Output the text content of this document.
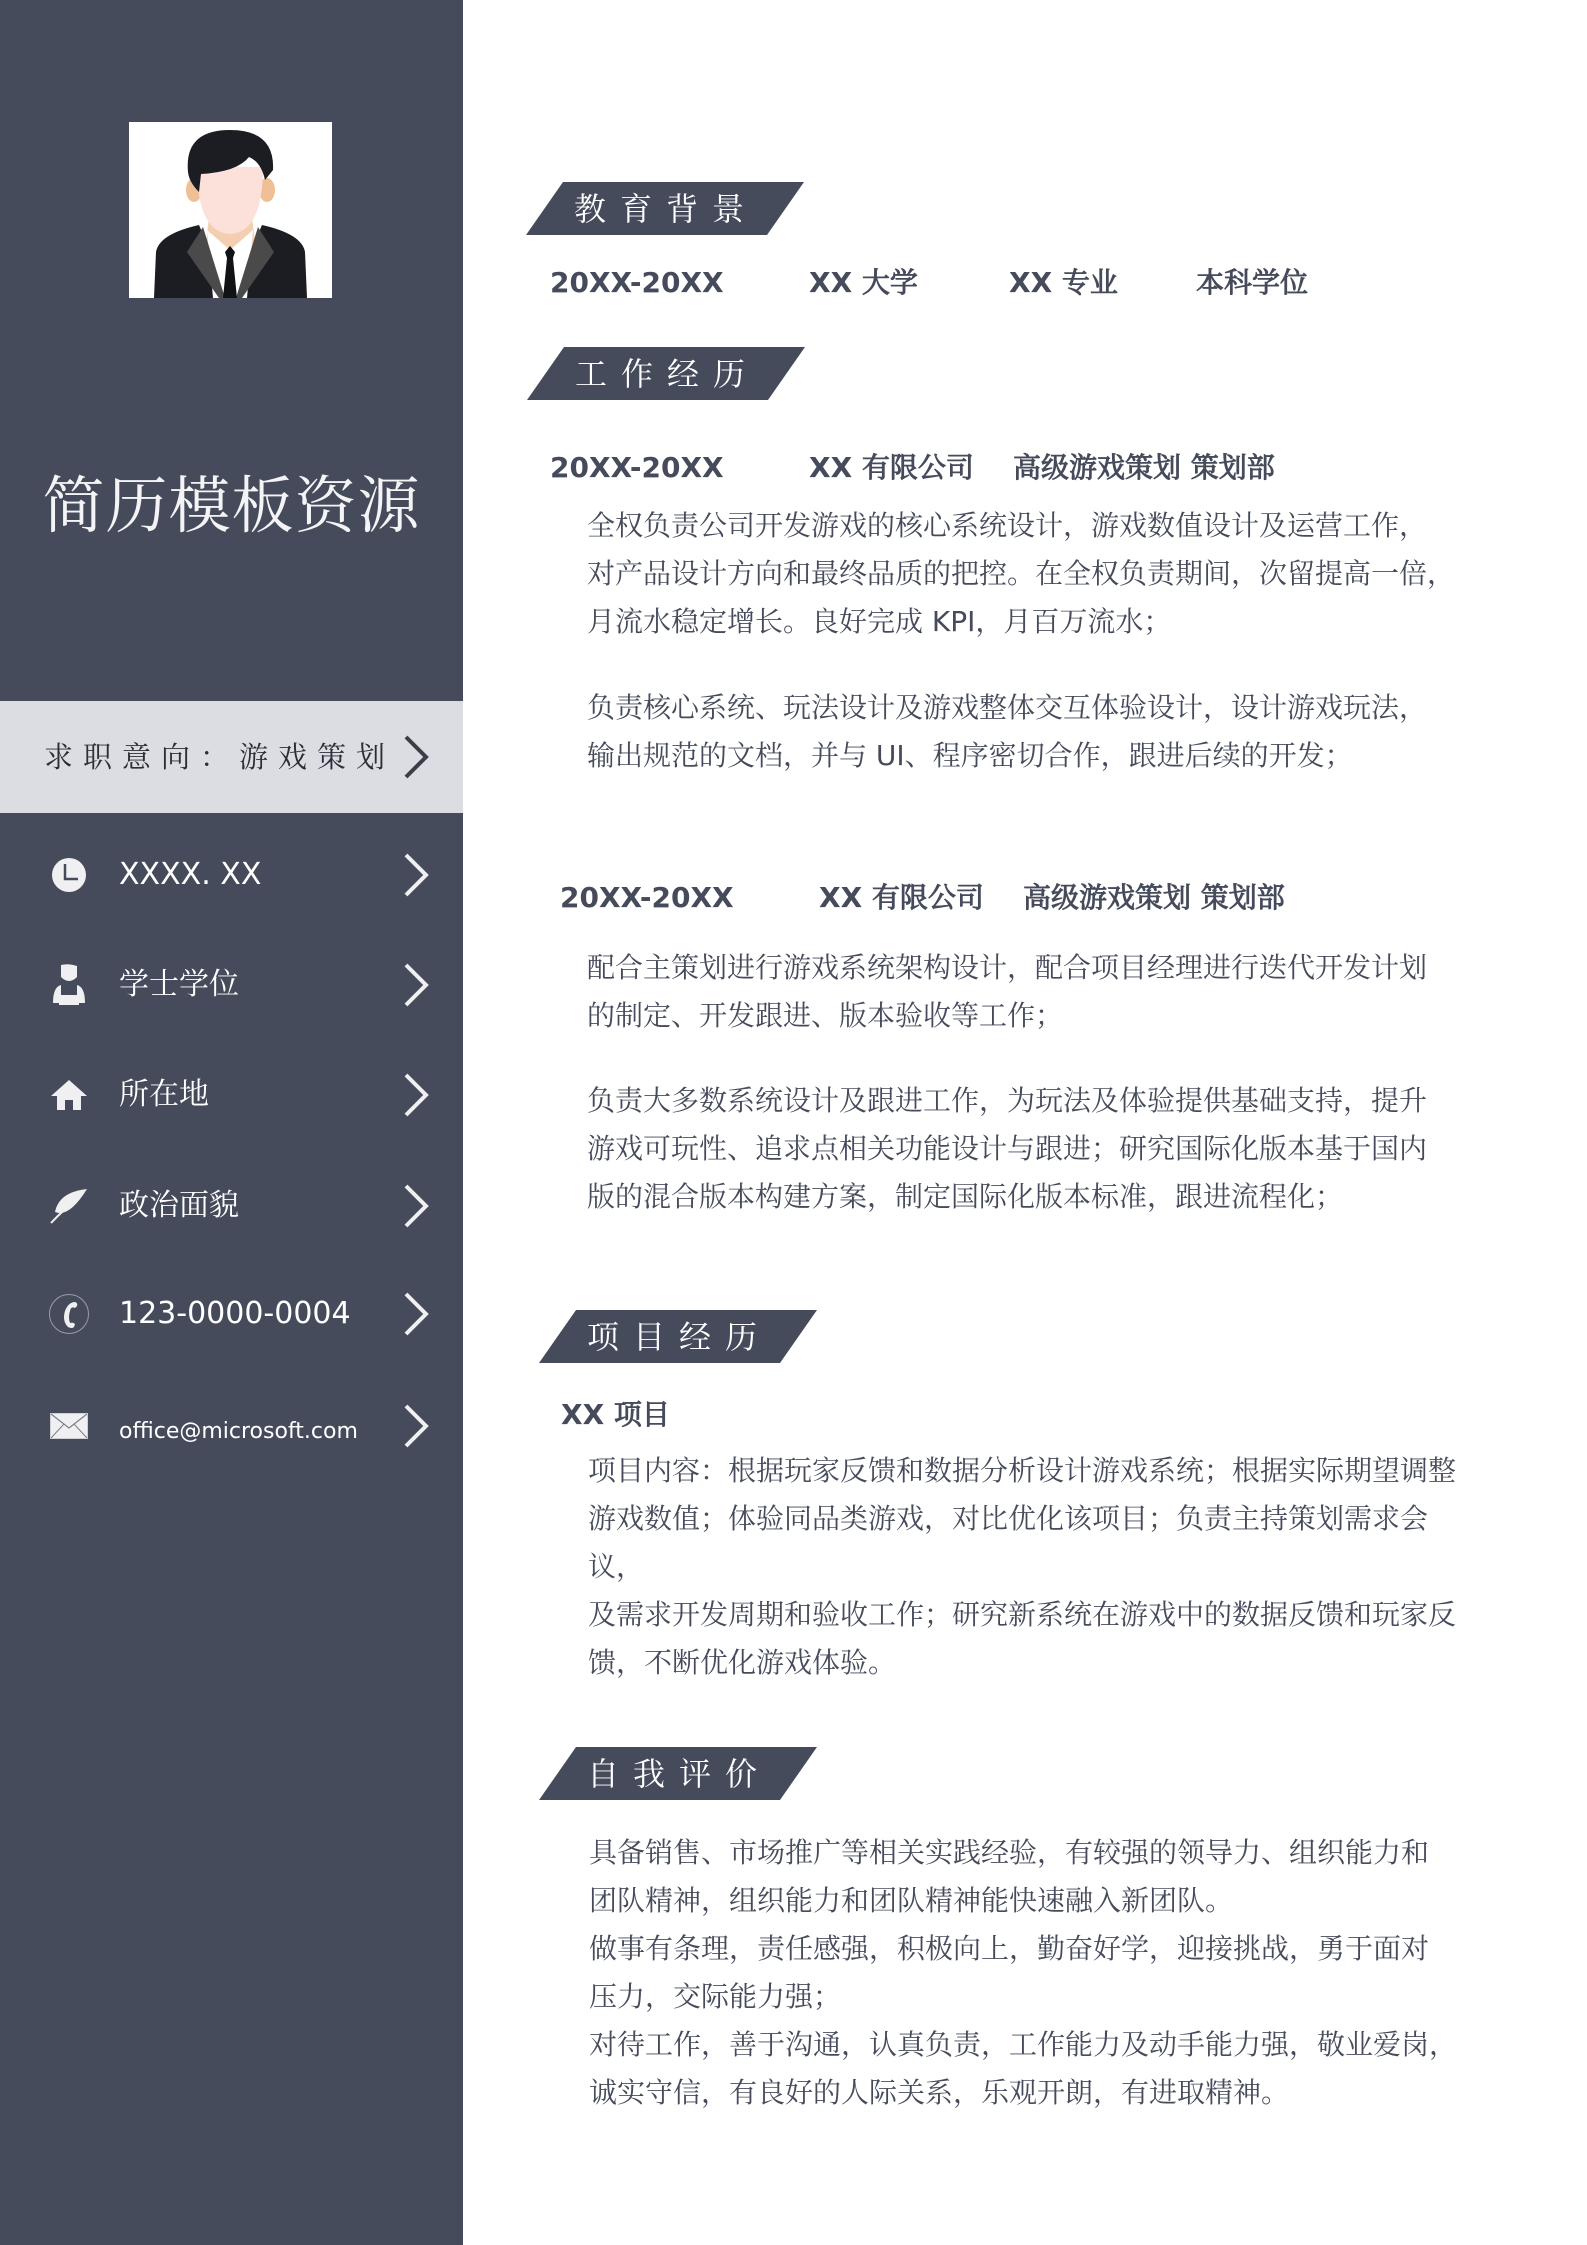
简历模板资源
求职意向：游戏策划
XXXX. XX
学士学位
所在地
政治面貌
123-0000-0004
office@microsoft.com
教育背景
20XX-20XX	XX 大学	XX 专业	本科学位
工作经历
20XX-20XX	XX 有限公司 高级游戏策划 策划部

全权负责公司开发游戏的核心系统设计，游戏数值设计及运营工作，

对产品设计方向和最终品质的把控。在全权负责期间，次留提高一倍，

月流水稳定增长。良好完成 KPI，月百万流水；

负责核心系统、玩法设计及游戏整体交互体验设计，设计游戏玩法，

输出规范的文档，并与 UI、程序密切合作，跟进后续的开发；

20XX-20XX	XX 有限公司 高级游戏策划 策划部

配合主策划进行游戏系统架构设计，配合项目经理进行迭代开发计划

的制定、开发跟进、版本验收等工作；

负责大多数系统设计及跟进工作，为玩法及体验提供基础支持，提升

游戏可玩性、追求点相关功能设计与跟进；研究国际化版本基于国内

版的混合版本构建方案，制定国际化版本标准，跟进流程化；

项目经历
XX 项目

项目内容：根据玩家反馈和数据分析设计游戏系统；根据实际期望调整

游戏数值；体验同品类游戏，对比优化该项目；负责主持策划需求会议，

及需求开发周期和验收工作；研究新系统在游戏中的数据反馈和玩家反

馈，不断优化游戏体验。

自我评价

具备销售、市场推广等相关实践经验，有较强的领导力、组织能力和

团队精神，组织能力和团队精神能快速融入新团队。

做事有条理，责任感强，积极向上，勤奋好学，迎接挑战，勇于面对

压力，交际能力强；

对待工作，善于沟通，认真负责，工作能力及动手能力强，敬业爱岗，

诚实守信，有良好的人际关系，乐观开朗，有进取精神。
